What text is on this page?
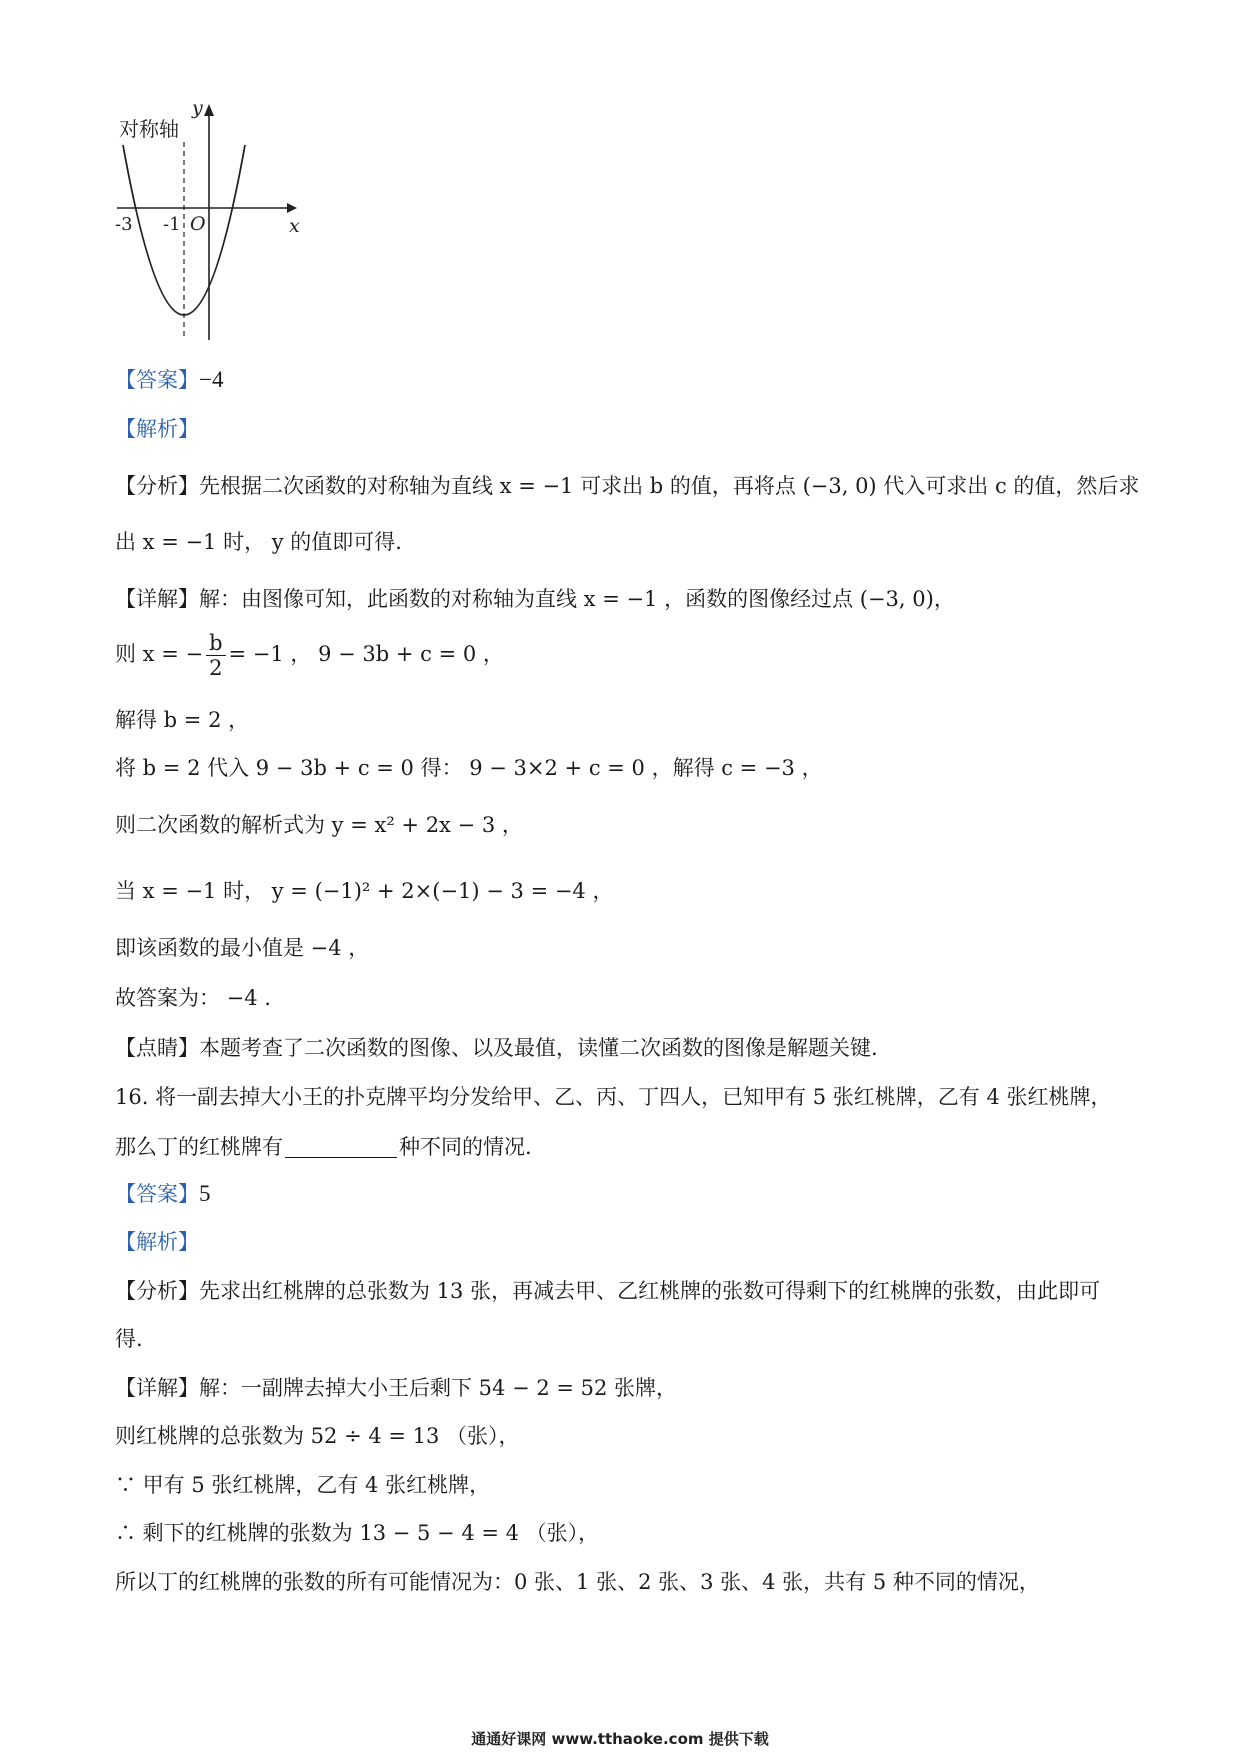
对称轴
y
x
O
-3 -1
【答案】−4
【解析】
【分析】先根据二次函数的对称轴为直线 x = −1 可求出 b 的值，再将点 (−3, 0) 代入可求出 c 的值，然后求
出 x = −1 时， y 的值即可得.
【详解】解：由图像可知，此函数的对称轴为直线 x = −1 ，函数的图像经过点 (−3, 0)，
则 x = − $\frac{b}{2} = -1$ ， 9 − 3b + c = 0 ，
解得 b = 2 ，
将 b = 2 代入 9 − 3b + c = 0 得： 9 − 3×2 + c = 0 ，解得 c = −3 ，
则二次函数的解析式为 y = x² + 2x − 3 ，
当 x = −1 时， y = (−1)² + 2×(−1) − 3 = −4 ，
即该函数的最小值是 −4 ，
故答案为： −4 .
【点睛】本题考查了二次函数的图像、以及最值，读懂二次函数的图像是解题关键.
16. 将一副去掉大小王的扑克牌平均分发给甲、乙、丙、丁四人，已知甲有 5 张红桃牌，乙有 4 张红桃牌，
那么丁的红桃牌有	种不同的情况.
【答案】5
【解析】
【分析】先求出红桃牌的总张数为 13 张，再减去甲、乙红桃牌的张数可得剩下的红桃牌的张数，由此即可
得.
【详解】解：一副牌去掉大小王后剩下 54 − 2 = 52 张牌，
则红桃牌的总张数为 52 ÷ 4 = 13 （张），
∵ 甲有 5 张红桃牌，乙有 4 张红桃牌，
∴ 剩下的红桃牌的张数为 13 − 5 − 4 = 4 （张），
所以丁的红桃牌的张数的所有可能情况为：0 张、1 张、2 张、3 张、4 张，共有 5 种不同的情况，
通通好课网 www.tthaoke.com 提供下载
